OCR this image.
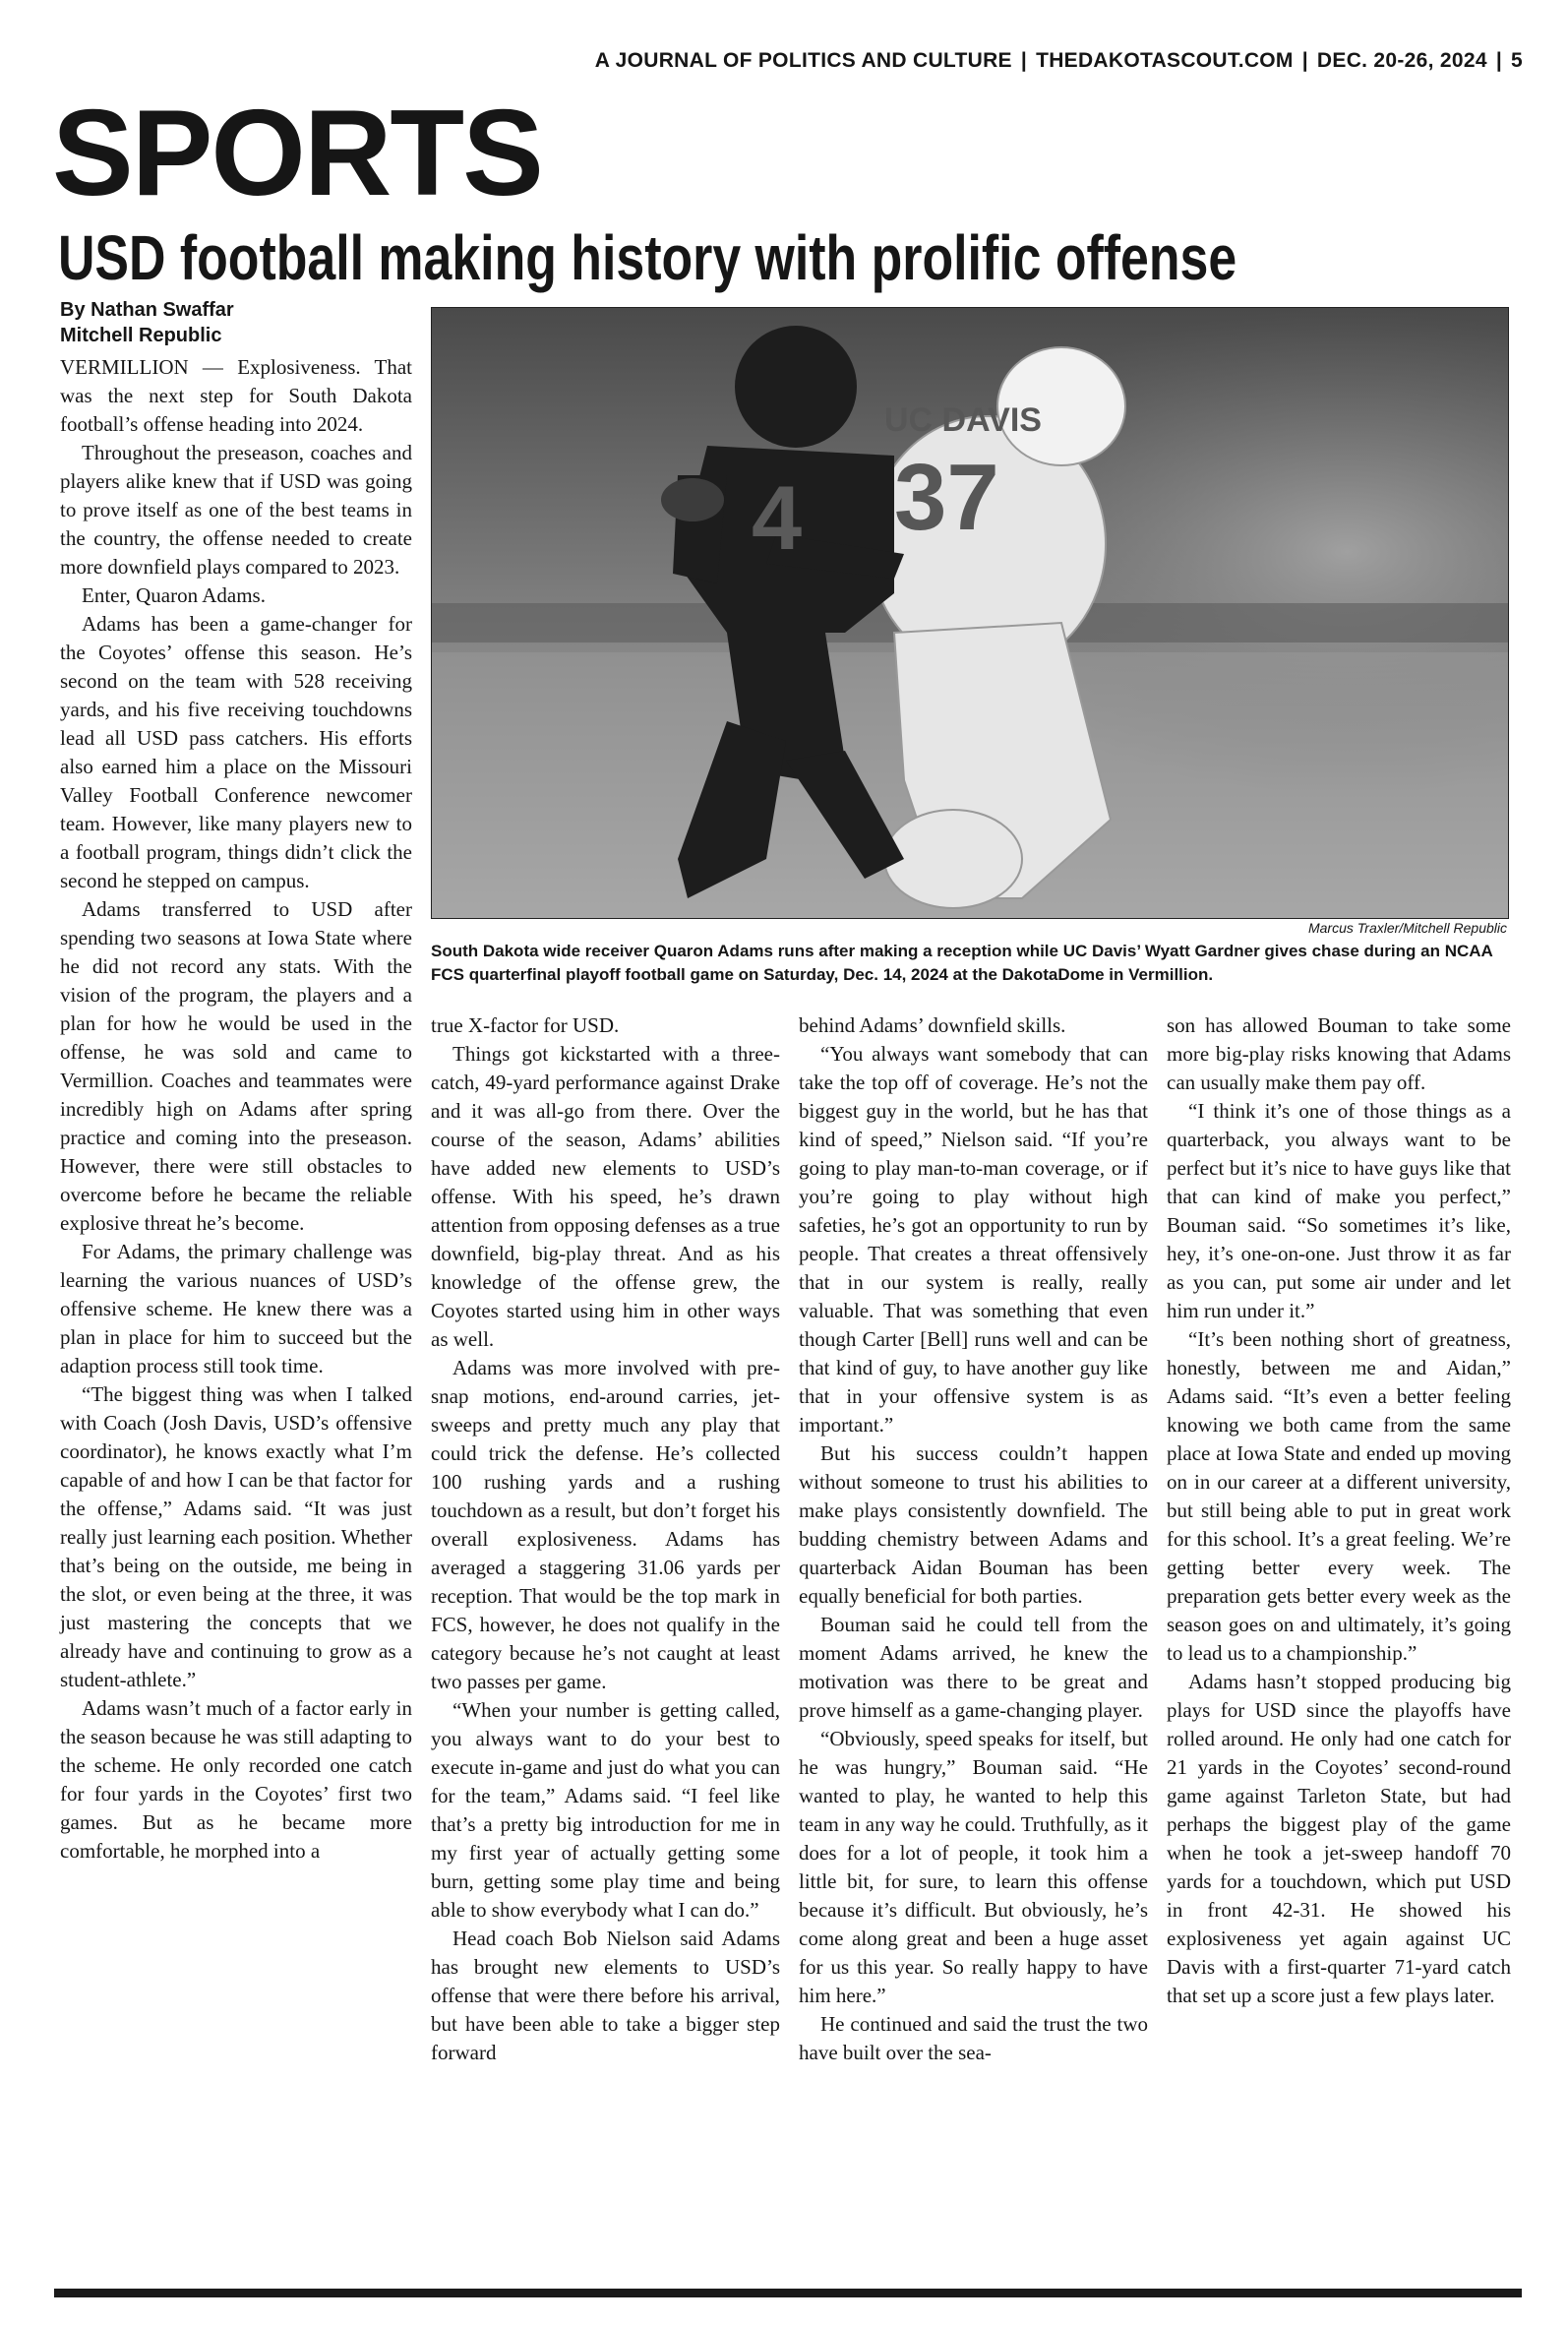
A JOURNAL OF POLITICS AND CULTURE | THEDAKOTASCOUT.COM | DEC. 20-26, 2024 | 5
SPORTS
USD football making history with prolific offense
By Nathan Swaffar
Mitchell Republic
UC DAVIS
37
4
Marcus Traxler/Mitchell Republic
South Dakota wide receiver Quaron Adams runs after making a reception while UC Davis’ Wyatt Gardner gives chase during an NCAA FCS quarterfinal playoff football game on Saturday, Dec. 14, 2024 at the DakotaDome in Vermillion.

VERMILLION — Explosiveness. That was the next step for South Dakota football’s offense heading into 2024.

Throughout the preseason, coaches and players alike knew that if USD was going to prove itself as one of the best teams in the country, the offense needed to create more downfield plays compared to 2023.

Enter, Quaron Adams.

Adams has been a game-changer for the Coyotes’ offense this season. He’s second on the team with 528 receiving yards, and his five receiving touchdowns lead all USD pass catchers. His efforts also earned him a place on the Missouri Valley Football Conference newcomer team. However, like many players new to a football program, things didn’t click the second he stepped on campus.

Adams transferred to USD after spending two seasons at Iowa State where he did not record any stats. With the vision of the program, the players and a plan for how he would be used in the offense, he was sold and came to Vermillion. Coaches and teammates were incredibly high on Adams after spring practice and coming into the preseason. However, there were still obstacles to overcome before he became the reliable explosive threat he’s become.

For Adams, the primary challenge was learning the various nuances of USD’s offensive scheme. He knew there was a plan in place for him to succeed but the adaption process still took time.

“The biggest thing was when I talked with Coach (Josh Davis, USD’s offensive coordinator), he knows exactly what I’m capable of and how I can be that factor for the offense,” Adams said. “It was just really just learning each position. Whether that’s being on the outside, me being in the slot, or even being at the three, it was just mastering the concepts that we already have and continuing to grow as a student-athlete.”

Adams wasn’t much of a factor early in the season because he was still adapting to the scheme. He only recorded one catch for four yards in the Coyotes’ first two games. But as he became more comfortable, he morphed into a

true X-factor for USD.

Things got kickstarted with a three-catch, 49-yard performance against Drake and it was all-go from there. Over the course of the season, Adams’ abilities have added new elements to USD’s offense. With his speed, he’s drawn attention from opposing defenses as a true downfield, big-play threat. And as his knowledge of the offense grew, the Coyotes started using him in other ways as well.

Adams was more involved with pre-snap motions, end-around carries, jet-sweeps and pretty much any play that could trick the defense. He’s collected 100 rushing yards and a rushing touchdown as a result, but don’t forget his overall explosiveness. Adams has averaged a staggering 31.06 yards per reception. That would be the top mark in FCS, however, he does not qualify in the category because he’s not caught at least two passes per game.

“When your number is getting called, you always want to do your best to execute in-game and just do what you can for the team,” Adams said. “I feel like that’s a pretty big introduction for me in my first year of actually getting some burn, getting some play time and being able to show everybody what I can do.”

Head coach Bob Nielson said Adams has brought new elements to USD’s offense that were there before his arrival, but have been able to take a bigger step forward

behind Adams’ downfield skills.

“You always want somebody that can take the top off of coverage. He’s not the biggest guy in the world, but he has that kind of speed,” Nielson said. “If you’re going to play man-to-man coverage, or if you’re going to play without high safeties, he’s got an opportunity to run by people. That creates a threat offensively that in our system is really, really valuable. That was something that even though Carter [Bell] runs well and can be that kind of guy, to have another guy like that in your offensive system is as important.”

But his success couldn’t happen without someone to trust his abilities to make plays consistently downfield. The budding chemistry between Adams and quarterback Aidan Bouman has been equally beneficial for both parties.

Bouman said he could tell from the moment Adams arrived, he knew the motivation was there to be great and prove himself as a game-changing player.

“Obviously, speed speaks for itself, but he was hungry,” Bouman said. “He wanted to play, he wanted to help this team in any way he could. Truthfully, as it does for a lot of people, it took him a little bit, for sure, to learn this offense because it’s difficult. But obviously, he’s come along great and been a huge asset for us this year. So really happy to have him here.”

He continued and said the trust the two have built over the sea-

son has allowed Bouman to take some more big-play risks knowing that Adams can usually make them pay off.

“I think it’s one of those things as a quarterback, you always want to be perfect but it’s nice to have guys like that that can kind of make you perfect,” Bouman said. “So sometimes it’s like, hey, it’s one-on-one. Just throw it as far as you can, put some air under and let him run under it.”

“It’s been nothing short of greatness, honestly, between me and Aidan,” Adams said. “It’s even a better feeling knowing we both came from the same place at Iowa State and ended up moving on in our career at a different university, but still being able to put in great work for this school. It’s a great feeling. We’re getting better every week. The preparation gets better every week as the season goes on and ultimately, it’s going to lead us to a championship.”

Adams hasn’t stopped producing big plays for USD since the playoffs have rolled around. He only had one catch for 21 yards in the Coyotes’ second-round game against Tarleton State, but had perhaps the biggest play of the game when he took a jet-sweep handoff 70 yards for a touchdown, which put USD in front 42-31. He showed his explosiveness yet again against UC Davis with a first-quarter 71-yard catch that set up a score just a few plays later.
